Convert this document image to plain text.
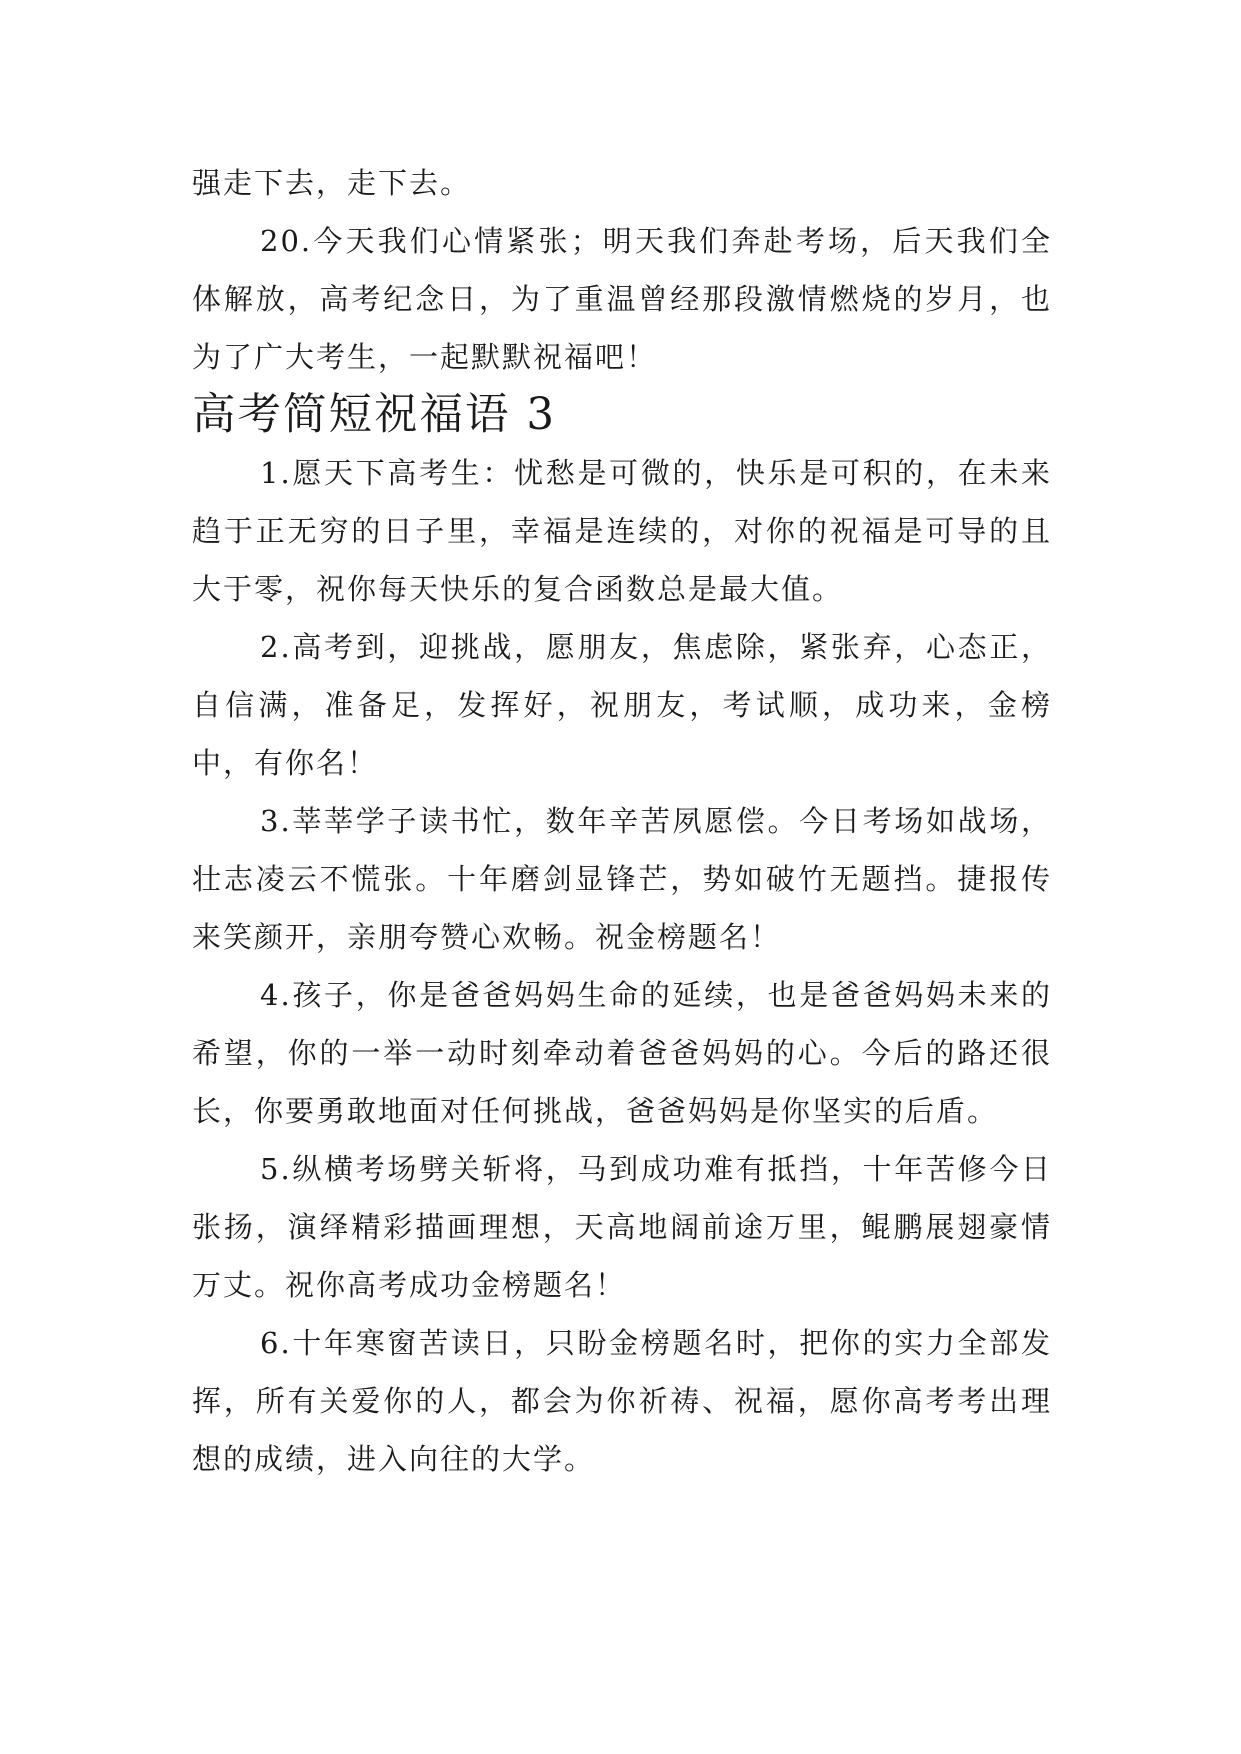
强走下去，走下去。

20.今天我们心情紧张；明天我们奔赴考场，后天我们全体解放，高考纪念日，为了重温曾经那段激情燃烧的岁月，也为了广大考生，一起默默祝福吧！

高考简短祝福语 3

1.愿天下高考生：忧愁是可微的，快乐是可积的，在未来趋于正无穷的日子里，幸福是连续的，对你的祝福是可导的且大于零，祝你每天快乐的复合函数总是最大值。

2.高考到，迎挑战，愿朋友，焦虑除，紧张弃，心态正，自信满，准备足，发挥好，祝朋友，考试顺，成功来，金榜中，有你名！

3.莘莘学子读书忙，数年辛苦夙愿偿。今日考场如战场，壮志凌云不慌张。十年磨剑显锋芒，势如破竹无题挡。捷报传来笑颜开，亲朋夸赞心欢畅。祝金榜题名！

4.孩子，你是爸爸妈妈生命的延续，也是爸爸妈妈未来的希望，你的一举一动时刻牵动着爸爸妈妈的心。今后的路还很长，你要勇敢地面对任何挑战，爸爸妈妈是你坚实的后盾。

5.纵横考场劈关斩将，马到成功难有抵挡，十年苦修今日张扬，演绎精彩描画理想，天高地阔前途万里，鲲鹏展翅豪情万丈。祝你高考成功金榜题名！

6.十年寒窗苦读日，只盼金榜题名时，把你的实力全部发挥，所有关爱你的人，都会为你祈祷、祝福，愿你高考考出理想的成绩，进入向往的大学。
